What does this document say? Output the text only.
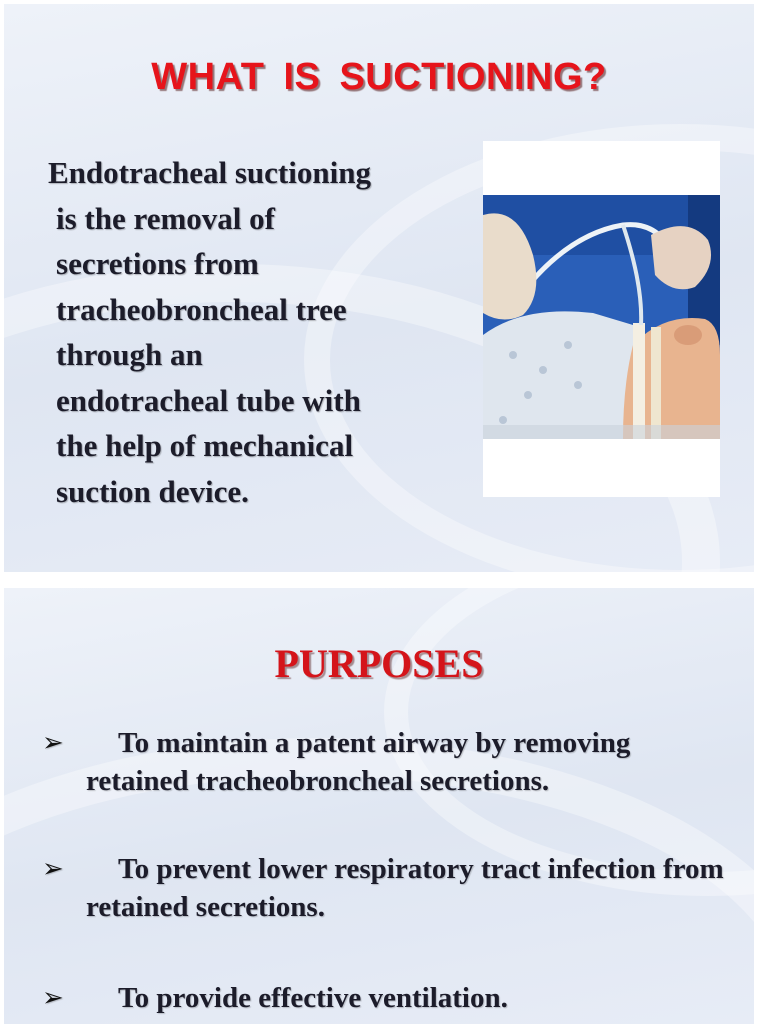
WHAT IS SUCTIONING?
Endotracheal suctioning
is the removal of
secretions from
tracheobroncheal tree
through an
endotracheal tube with
the help of mechanical
suction device.
PURPOSES
➢	To maintain a patent airway by removing retained tracheobroncheal secretions.
➢	To prevent lower respiratory tract infection from retained secretions.
➢	To provide effective ventilation.
